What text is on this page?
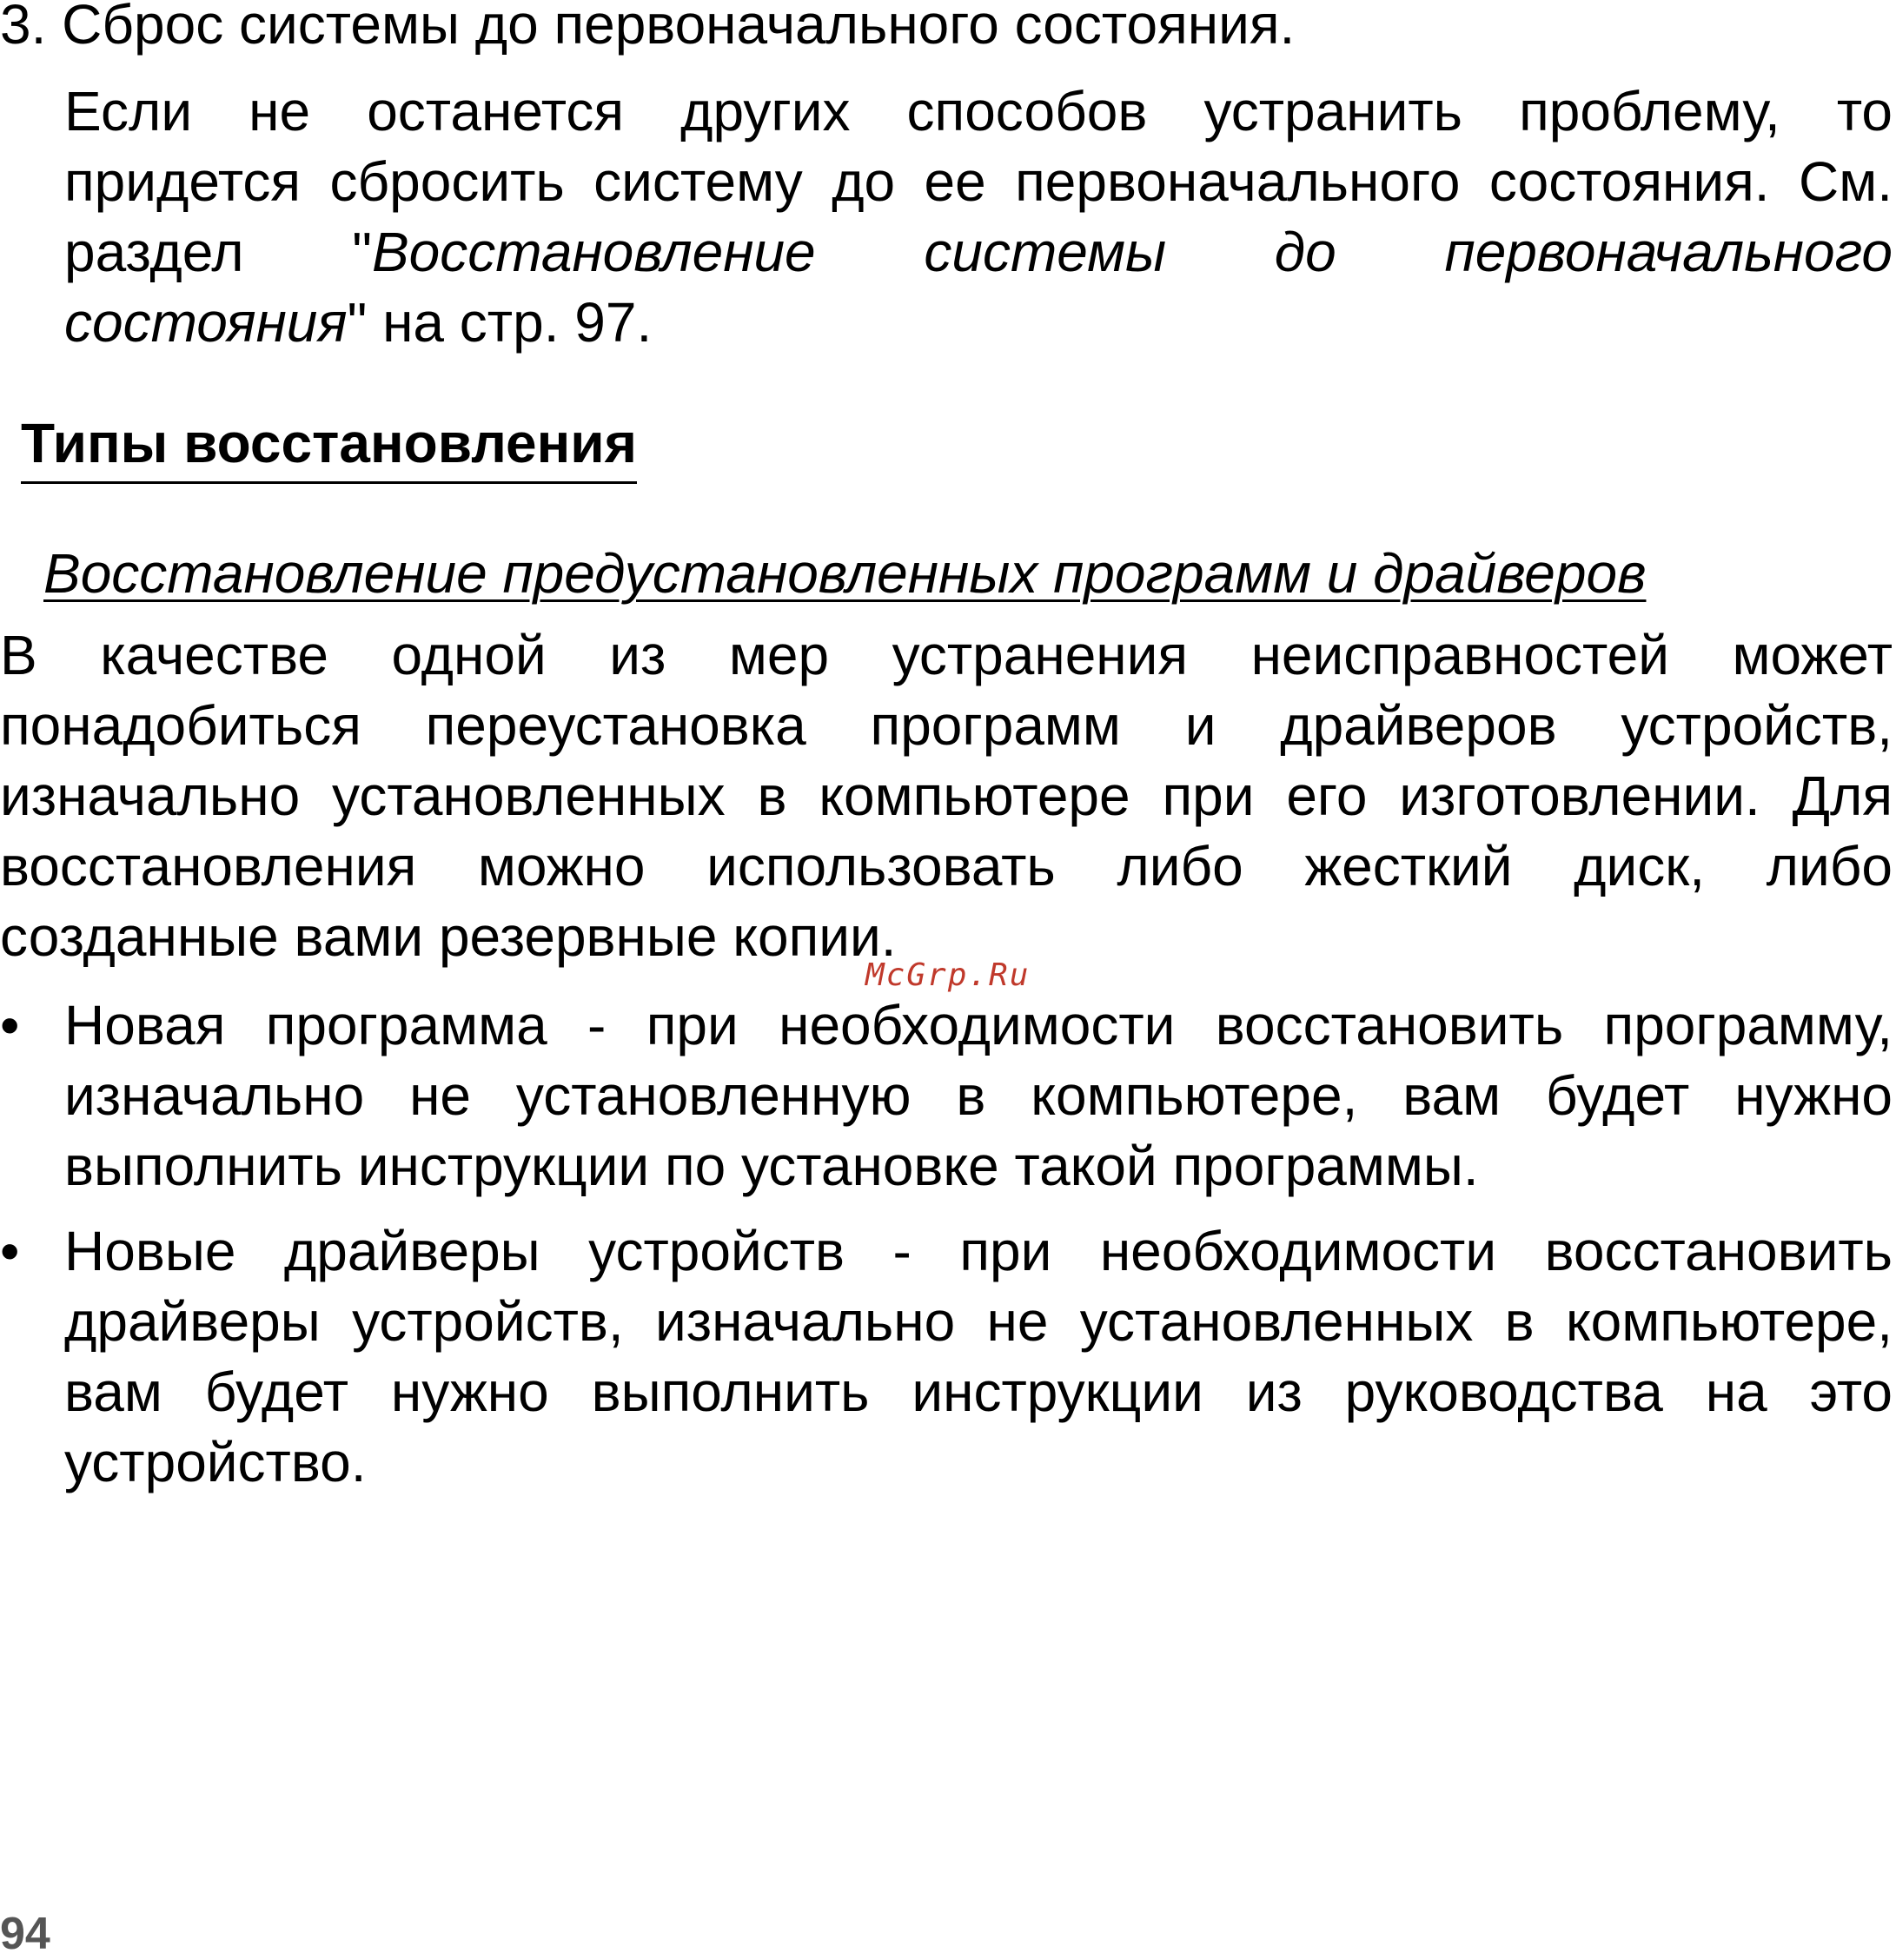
3. Сброс системы до первоначального состояния.
Если не останется других способов устранить проблему, то
придется сбросить систему до ее первоначального состояния. См.
раздел "Восстановление системы до первоначального
состояния" на стр. 97.
Типы восстановления
Восстановление предустановленных программ и драйверов
В качестве одной из мер устранения неисправностей может
понадобиться переустановка программ и драйверов устройств,
изначально установленных в компьютере при его изготовлении. Для
восстановления можно использовать либо жесткий диск, либо
созданные вами резервные копии.
McGrp.Ru
• Новая программа - при необходимости восстановить программу,
изначально не установленную в компьютере, вам будет нужно
выполнить инструкции по установке такой программы.
• Новые драйверы устройств - при необходимости восстановить
драйверы устройств, изначально не установленных в компьютере,
вам будет нужно выполнить инструкции из руководства на это
устройство.
94
